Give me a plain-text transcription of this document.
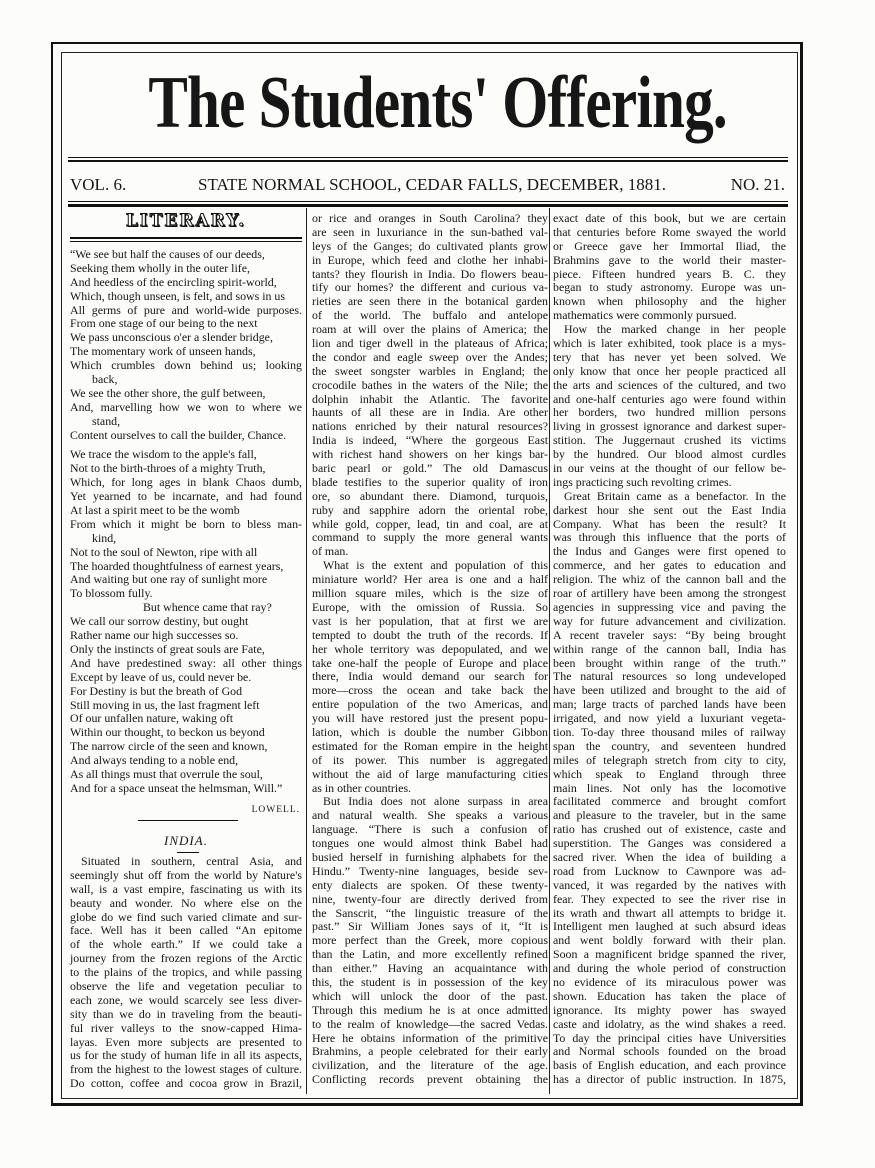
The Students' Offering.
VOL. 6.	STATE NORMAL SCHOOL, CEDAR FALLS, DECEMBER, 1881.	NO. 21.
LITERARY.
“We see but half the causes of our deeds,
Seeking them wholly in the outer life,
And heedless of the encircling spirit-world,
Which, though unseen, is felt, and sows in us
All germs of pure and world-wide purposes.
From one stage of our being to the next
We pass unconscious o'er a slender bridge,
The momentary work of unseen hands,
Which crumbles down behind us; looking
back,
We see the other shore, the gulf between,
And, marvelling how we won to where we
stand,
Content ourselves to call the builder, Chance.
We trace the wisdom to the apple's fall,
Not to the birth-throes of a mighty Truth,
Which, for long ages in blank Chaos dumb,
Yet yearned to be incarnate, and had found
At last a spirit meet to be the womb
From which it might be born to bless man-
kind,
Not to the soul of Newton, ripe with all
The hoarded thoughtfulness of earnest years,
And waiting but one ray of sunlight more
To blossom fully.
But whence came that ray?
We call our sorrow destiny, but ought
Rather name our high successes so.
Only the instincts of great souls are Fate,
And have predestined sway: all other things
Except by leave of us, could never be.
For Destiny is but the breath of God
Still moving in us, the last fragment left
Of our unfallen nature, waking oft
Within our thought, to beckon us beyond
The narrow circle of the seen and known,
And always tending to a noble end,
As all things must that overrule the soul,
And for a space unseat the helmsman, Will.”
LOWELL.
INDIA.
Situated in southern, central Asia, and
seemingly shut off from the world by Nature's
wall, is a vast empire, fascinating us with its
beauty and wonder. No where else on the
globe do we find such varied climate and sur-
face. Well has it been called “An epitome
of the whole earth.” If we could take a
journey from the frozen regions of the Arctic
to the plains of the tropics, and while passing
observe the life and vegetation peculiar to
each zone, we would scarcely see less diver-
sity than we do in traveling from the beauti-
ful river valleys to the snow-capped Hima-
layas. Even more subjects are presented to
us for the study of human life in all its aspects,
from the highest to the lowest stages of culture.
Do cotton, coffee and cocoa grow in Brazil,
or rice and oranges in South Carolina? they
are seen in luxuriance in the sun-bathed val-
leys of the Ganges; do cultivated plants grow
in Europe, which feed and clothe her inhabi-
tants? they flourish in India. Do flowers beau-
tify our homes? the different and curious va-
rieties are seen there in the botanical garden
of the world. The buffalo and antelope
roam at will over the plains of America; the
lion and tiger dwell in the plateaus of Africa;
the condor and eagle sweep over the Andes;
the sweet songster warbles in England; the
crocodile bathes in the waters of the Nile; the
dolphin inhabit the Atlantic. The favorite
haunts of all these are in India. Are other
nations enriched by their natural resources?
India is indeed, “Where the gorgeous East
with richest hand showers on her kings bar-
baric pearl or gold.” The old Damascus
blade testifies to the superior quality of iron
ore, so abundant there. Diamond, turquois,
ruby and sapphire adorn the oriental robe,
while gold, copper, lead, tin and coal, are at
command to supply the more general wants
of man.
What is the extent and population of this
miniature world? Her area is one and a half
million square miles, which is the size of
Europe, with the omission of Russia. So
vast is her population, that at first we are
tempted to doubt the truth of the records. If
her whole territory was depopulated, and we
take one-half the people of Europe and place
there, India would demand our search for
more—cross the ocean and take back the
entire population of the two Americas, and
you will have restored just the present popu-
lation, which is double the number Gibbon
estimated for the Roman empire in the height
of its power. This number is aggregated
without the aid of large manufacturing cities
as in other countries.
But India does not alone surpass in area
and natural wealth. She speaks a various
language. “There is such a confusion of
tongues one would almost think Babel had
busied herself in furnishing alphabets for the
Hindu.” Twenty-nine languages, beside sev-
enty dialects are spoken. Of these twenty-
nine, twenty-four are directly derived from
the Sanscrit, “the linguistic treasure of the
past.” Sir William Jones says of it, “It is
more perfect than the Greek, more copious
than the Latin, and more excellently refined
than either.” Having an acquaintance with
this, the student is in possession of the key
which will unlock the door of the past.
Through this medium he is at once admitted
to the realm of knowledge—the sacred Vedas.
Here he obtains information of the primitive
Brahmins, a people celebrated for their early
civilization, and the literature of the age.
Conflicting records prevent obtaining the
exact date of this book, but we are certain
that centuries before Rome swayed the world
or Greece gave her Immortal Iliad, the
Brahmins gave to the world their master-
piece. Fifteen hundred years B. C. they
began to study astronomy. Europe was un-
known when philosophy and the higher
mathematics were commonly pursued.
How the marked change in her people
which is later exhibited, took place is a mys-
tery that has never yet been solved. We
only know that once her people practiced all
the arts and sciences of the cultured, and two
and one-half centuries ago were found within
her borders, two hundred million persons
living in grossest ignorance and darkest super-
stition. The Juggernaut crushed its victims
by the hundred. Our blood almost curdles
in our veins at the thought of our fellow be-
ings practicing such revolting crimes.
Great Britain came as a benefactor. In the
darkest hour she sent out the East India
Company. What has been the result? It
was through this influence that the ports of
the Indus and Ganges were first opened to
commerce, and her gates to education and
religion. The whiz of the cannon ball and the
roar of artillery have been among the strongest
agencies in suppressing vice and paving the
way for future advancement and civilization.
A recent traveler says: “By being brought
within range of the cannon ball, India has
been brought within range of the truth.”
The natural resources so long undeveloped
have been utilized and brought to the aid of
man; large tracts of parched lands have been
irrigated, and now yield a luxuriant vegeta-
tion. To-day three thousand miles of railway
span the country, and seventeen hundred
miles of telegraph stretch from city to city,
which speak to England through three
main lines. Not only has the locomotive
facilitated commerce and brought comfort
and pleasure to the traveler, but in the same
ratio has crushed out of existence, caste and
superstition. The Ganges was considered a
sacred river. When the idea of building a
road from Lucknow to Cawnpore was ad-
vanced, it was regarded by the natives with
fear. They expected to see the river rise in
its wrath and thwart all attempts to bridge it.
Intelligent men laughed at such absurd ideas
and went boldly forward with their plan.
Soon a magnificent bridge spanned the river,
and during the whole period of construction
no evidence of its miraculous power was
shown. Education has taken the place of
ignorance. Its mighty power has swayed
caste and idolatry, as the wind shakes a reed.
To day the principal cities have Universities
and Normal schools founded on the broad
basis of English education, and each province
has a director of public instruction. In 1875,
